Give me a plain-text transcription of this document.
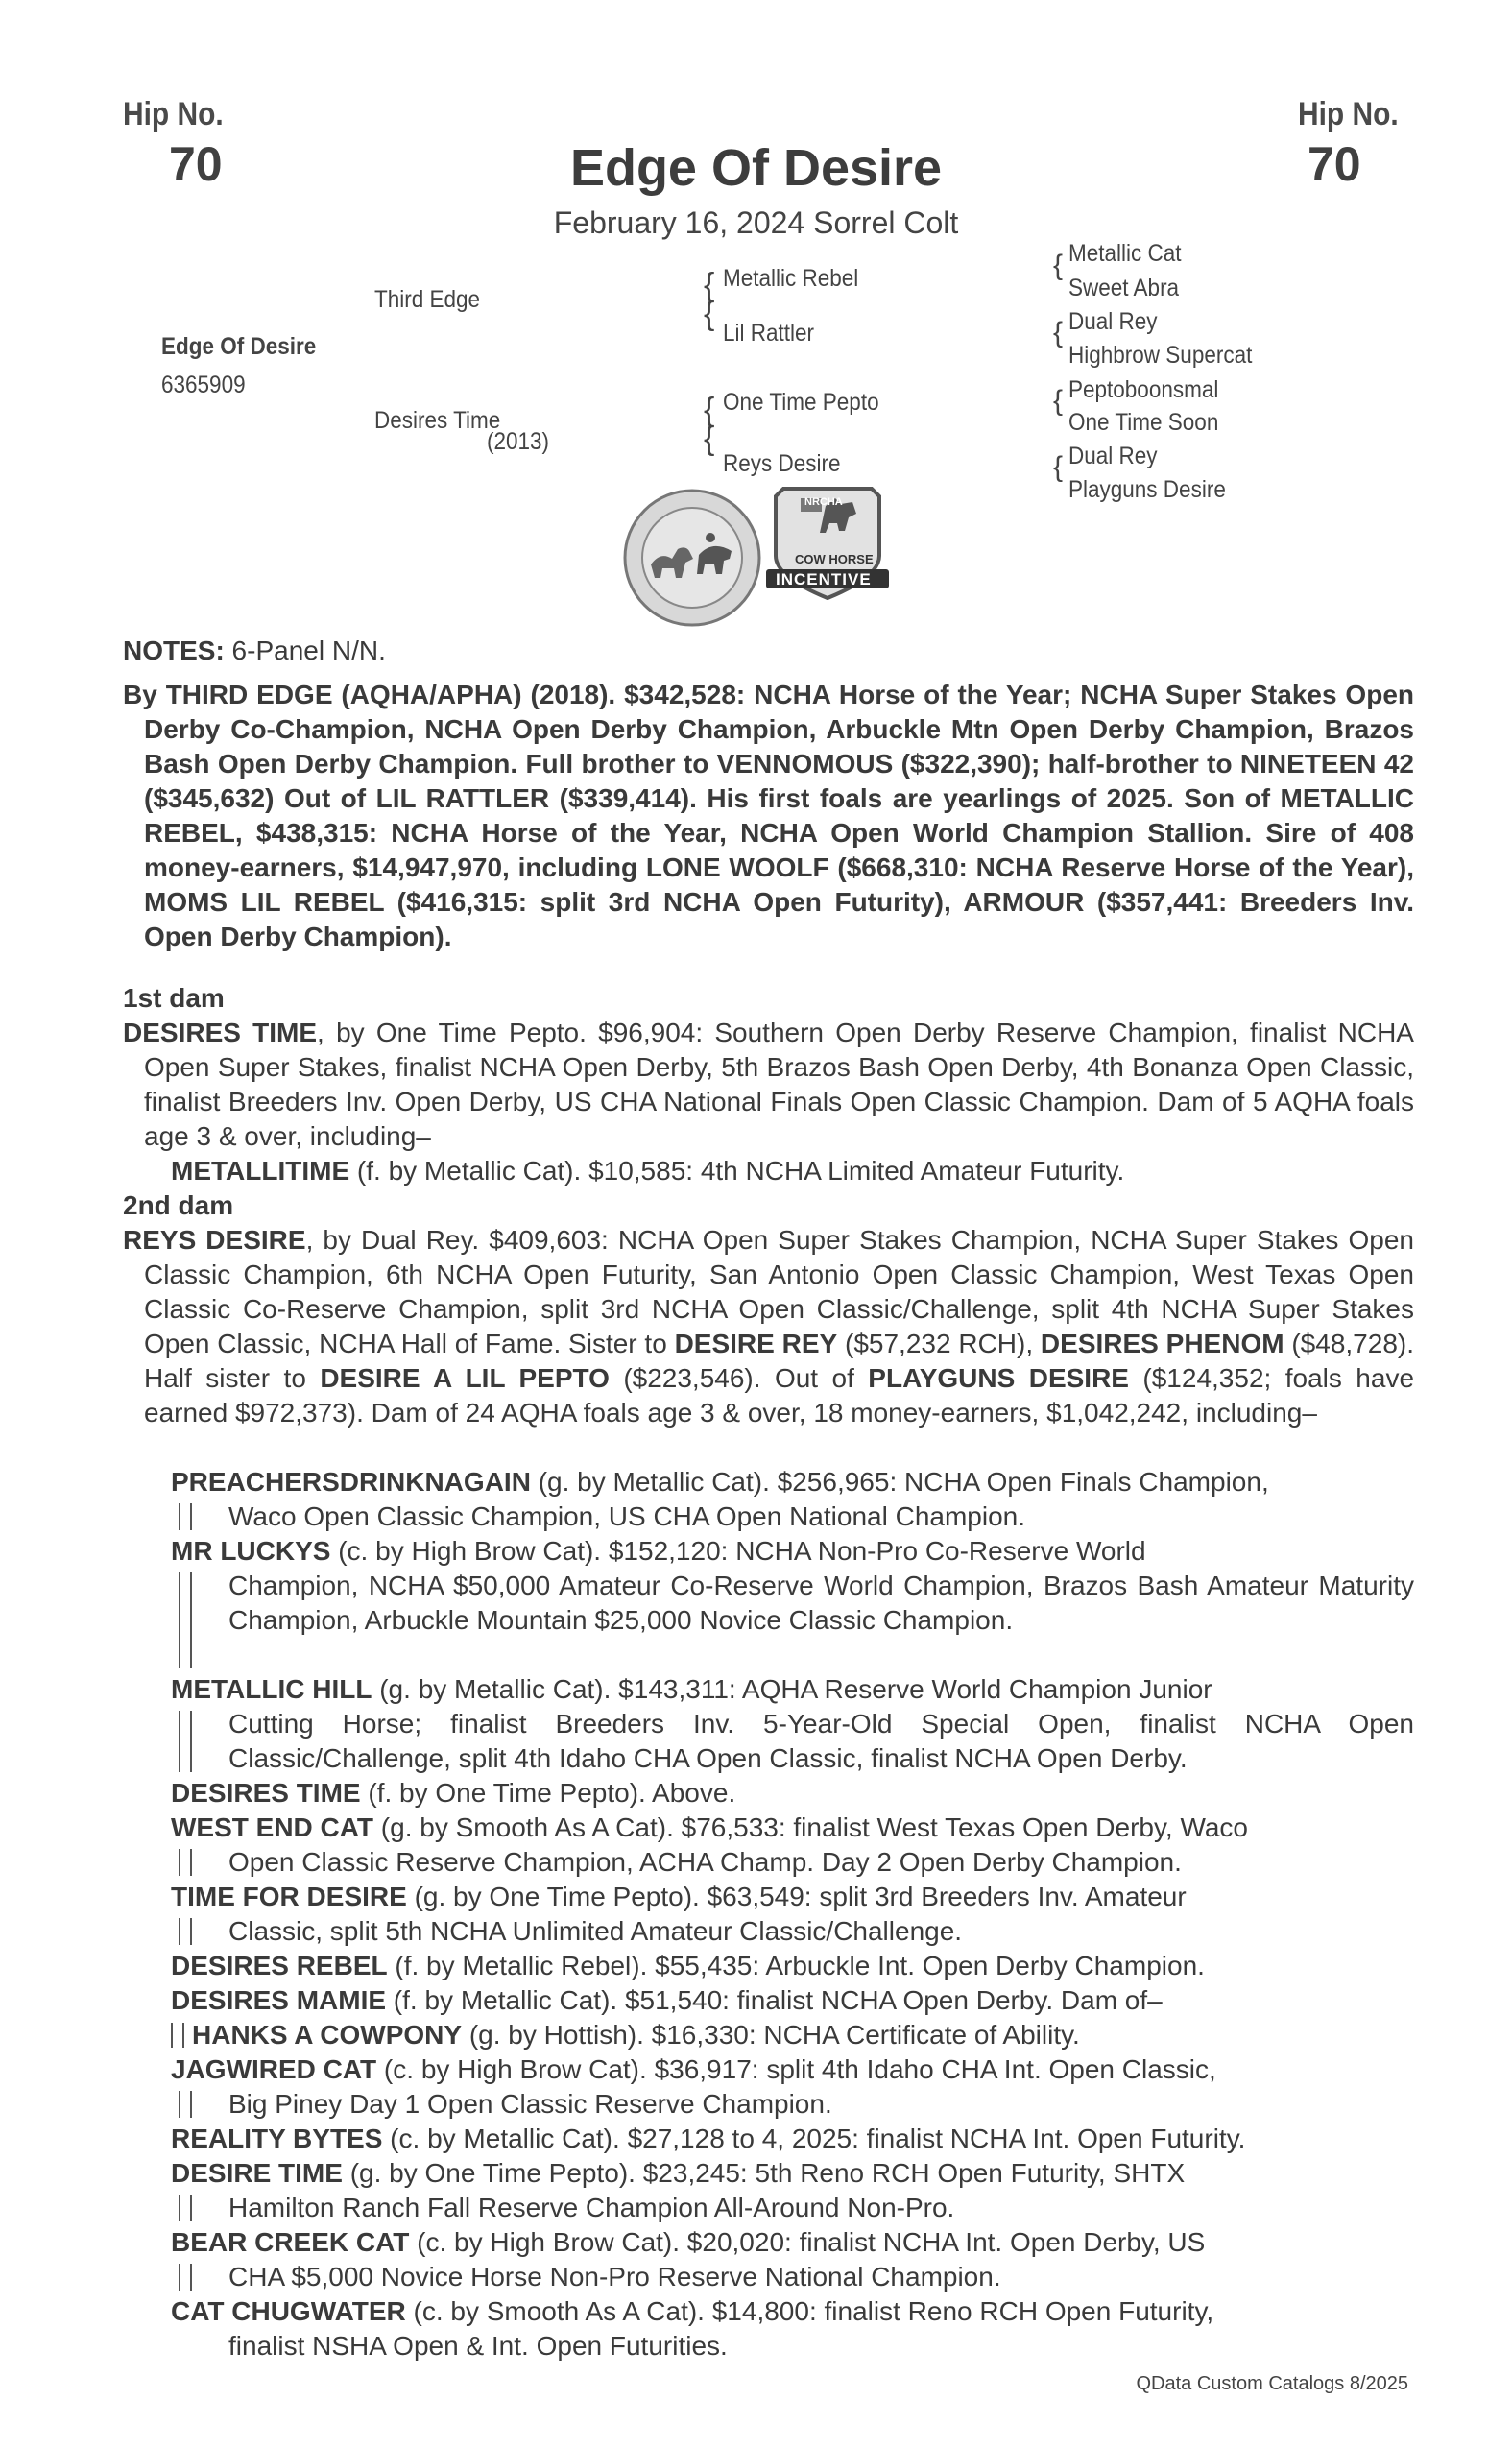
Hip No.
70
Hip No.
70
Edge Of Desire
February 16, 2024 Sorrel Colt
Edge Of Desire
6365909
Third Edge
Desires Time
(2013)
{
{
Metallic Rebel
Lil Rattler
{
{
One Time Pepto
Reys Desire
{ Metallic Cat
Sweet Abra
{ Dual Rey
Highbrow Supercat
{ Peptoboonsmal
One Time Soon
{ Dual Rey
Playguns Desire
NRCHA
COW HORSE
INCENTIVE
NOTES: 6-Panel N/N.
By THIRD EDGE (AQHA/APHA) (2018). $342,528: NCHA Horse of the Year; NCHA Super Stakes Open Derby Co-Champion, NCHA Open Derby Champion, Arbuckle Mtn Open Derby Champion, Brazos Bash Open Derby Champion. Full brother to VENNOMOUS ($322,390); half-brother to NINETEEN 42 ($345,632) Out of LIL RATTLER ($339,414). His first foals are yearlings of 2025. Son of METALLIC REBEL, $438,315: NCHA Horse of the Year, NCHA Open World Champion Stallion. Sire of 408 money-earners, $14,947,970, including LONE WOOLF ($668,310: NCHA Reserve Horse of the Year), MOMS LIL REBEL ($416,315: split 3rd NCHA Open Futurity), ARMOUR ($357,441: Breeders Inv. Open Derby Champion).
1st dam
DESIRES TIME, by One Time Pepto. $96,904: Southern Open Derby Reserve Champion, finalist NCHA Open Super Stakes, finalist NCHA Open Derby, 5th Brazos Bash Open Derby, 4th Bonanza Open Classic, finalist Breeders Inv. Open Derby, US CHA National Finals Open Classic Champion. Dam of 5 AQHA foals age 3 & over, including–
METALLITIME (f. by Metallic Cat). $10,585: 4th NCHA Limited Amateur Futurity.
2nd dam
REYS DESIRE, by Dual Rey. $409,603: NCHA Open Super Stakes Champion, NCHA Super Stakes Open Classic Champion, 6th NCHA Open Futurity, San Antonio Open Classic Champion, West Texas Open Classic Co-Reserve Champion, split 3rd NCHA Open Classic/Challenge, split 4th NCHA Super Stakes Open Classic, NCHA Hall of Fame. Sister to DESIRE REY ($57,232 RCH), DESIRES PHENOM ($48,728). Half sister to DESIRE A LIL PEPTO ($223,546). Out of PLAYGUNS DESIRE ($124,352; foals have earned $972,373). Dam of 24 AQHA foals age 3 & over, 18 money-earners, $1,042,242, including–
PREACHERSDRINKNAGAIN (g. by Metallic Cat). $256,965: NCHA Open Finals Champion,
Waco Open Classic Champion, US CHA Open National Champion.
MR LUCKYS (c. by High Brow Cat). $152,120: NCHA Non-Pro Co-Reserve World
Champion, NCHA $50,000 Amateur Co-Reserve World Champion, Brazos Bash Amateur Maturity Champion, Arbuckle Mountain $25,000 Novice Classic Champion.
METALLIC HILL (g. by Metallic Cat). $143,311: AQHA Reserve World Champion Junior
Cutting Horse; finalist Breeders Inv. 5-Year-Old Special Open, finalist NCHA Open Classic/Challenge, split 4th Idaho CHA Open Classic, finalist NCHA Open Derby.
DESIRES TIME (f. by One Time Pepto). Above.
WEST END CAT (g. by Smooth As A Cat). $76,533: finalist West Texas Open Derby, Waco
Open Classic Reserve Champion, ACHA Champ. Day 2 Open Derby Champion.
TIME FOR DESIRE (g. by One Time Pepto). $63,549: split 3rd Breeders Inv. Amateur
Classic, split 5th NCHA Unlimited Amateur Classic/Challenge.
DESIRES REBEL (f. by Metallic Rebel). $55,435: Arbuckle Int. Open Derby Champion.
DESIRES MAMIE (f. by Metallic Cat). $51,540: finalist NCHA Open Derby. Dam of–
HANKS A COWPONY (g. by Hottish). $16,330: NCHA Certificate of Ability.
JAGWIRED CAT (c. by High Brow Cat). $36,917: split 4th Idaho CHA Int. Open Classic,
Big Piney Day 1 Open Classic Reserve Champion.
REALITY BYTES (c. by Metallic Cat). $27,128 to 4, 2025: finalist NCHA Int. Open Futurity.
DESIRE TIME (g. by One Time Pepto). $23,245: 5th Reno RCH Open Futurity, SHTX
Hamilton Ranch Fall Reserve Champion All-Around Non-Pro.
BEAR CREEK CAT (c. by High Brow Cat). $20,020: finalist NCHA Int. Open Derby, US
CHA $5,000 Novice Horse Non-Pro Reserve National Champion.
CAT CHUGWATER (c. by Smooth As A Cat). $14,800: finalist Reno RCH Open Futurity,
finalist NSHA Open & Int. Open Futurities.
QData Custom Catalogs 8/2025
